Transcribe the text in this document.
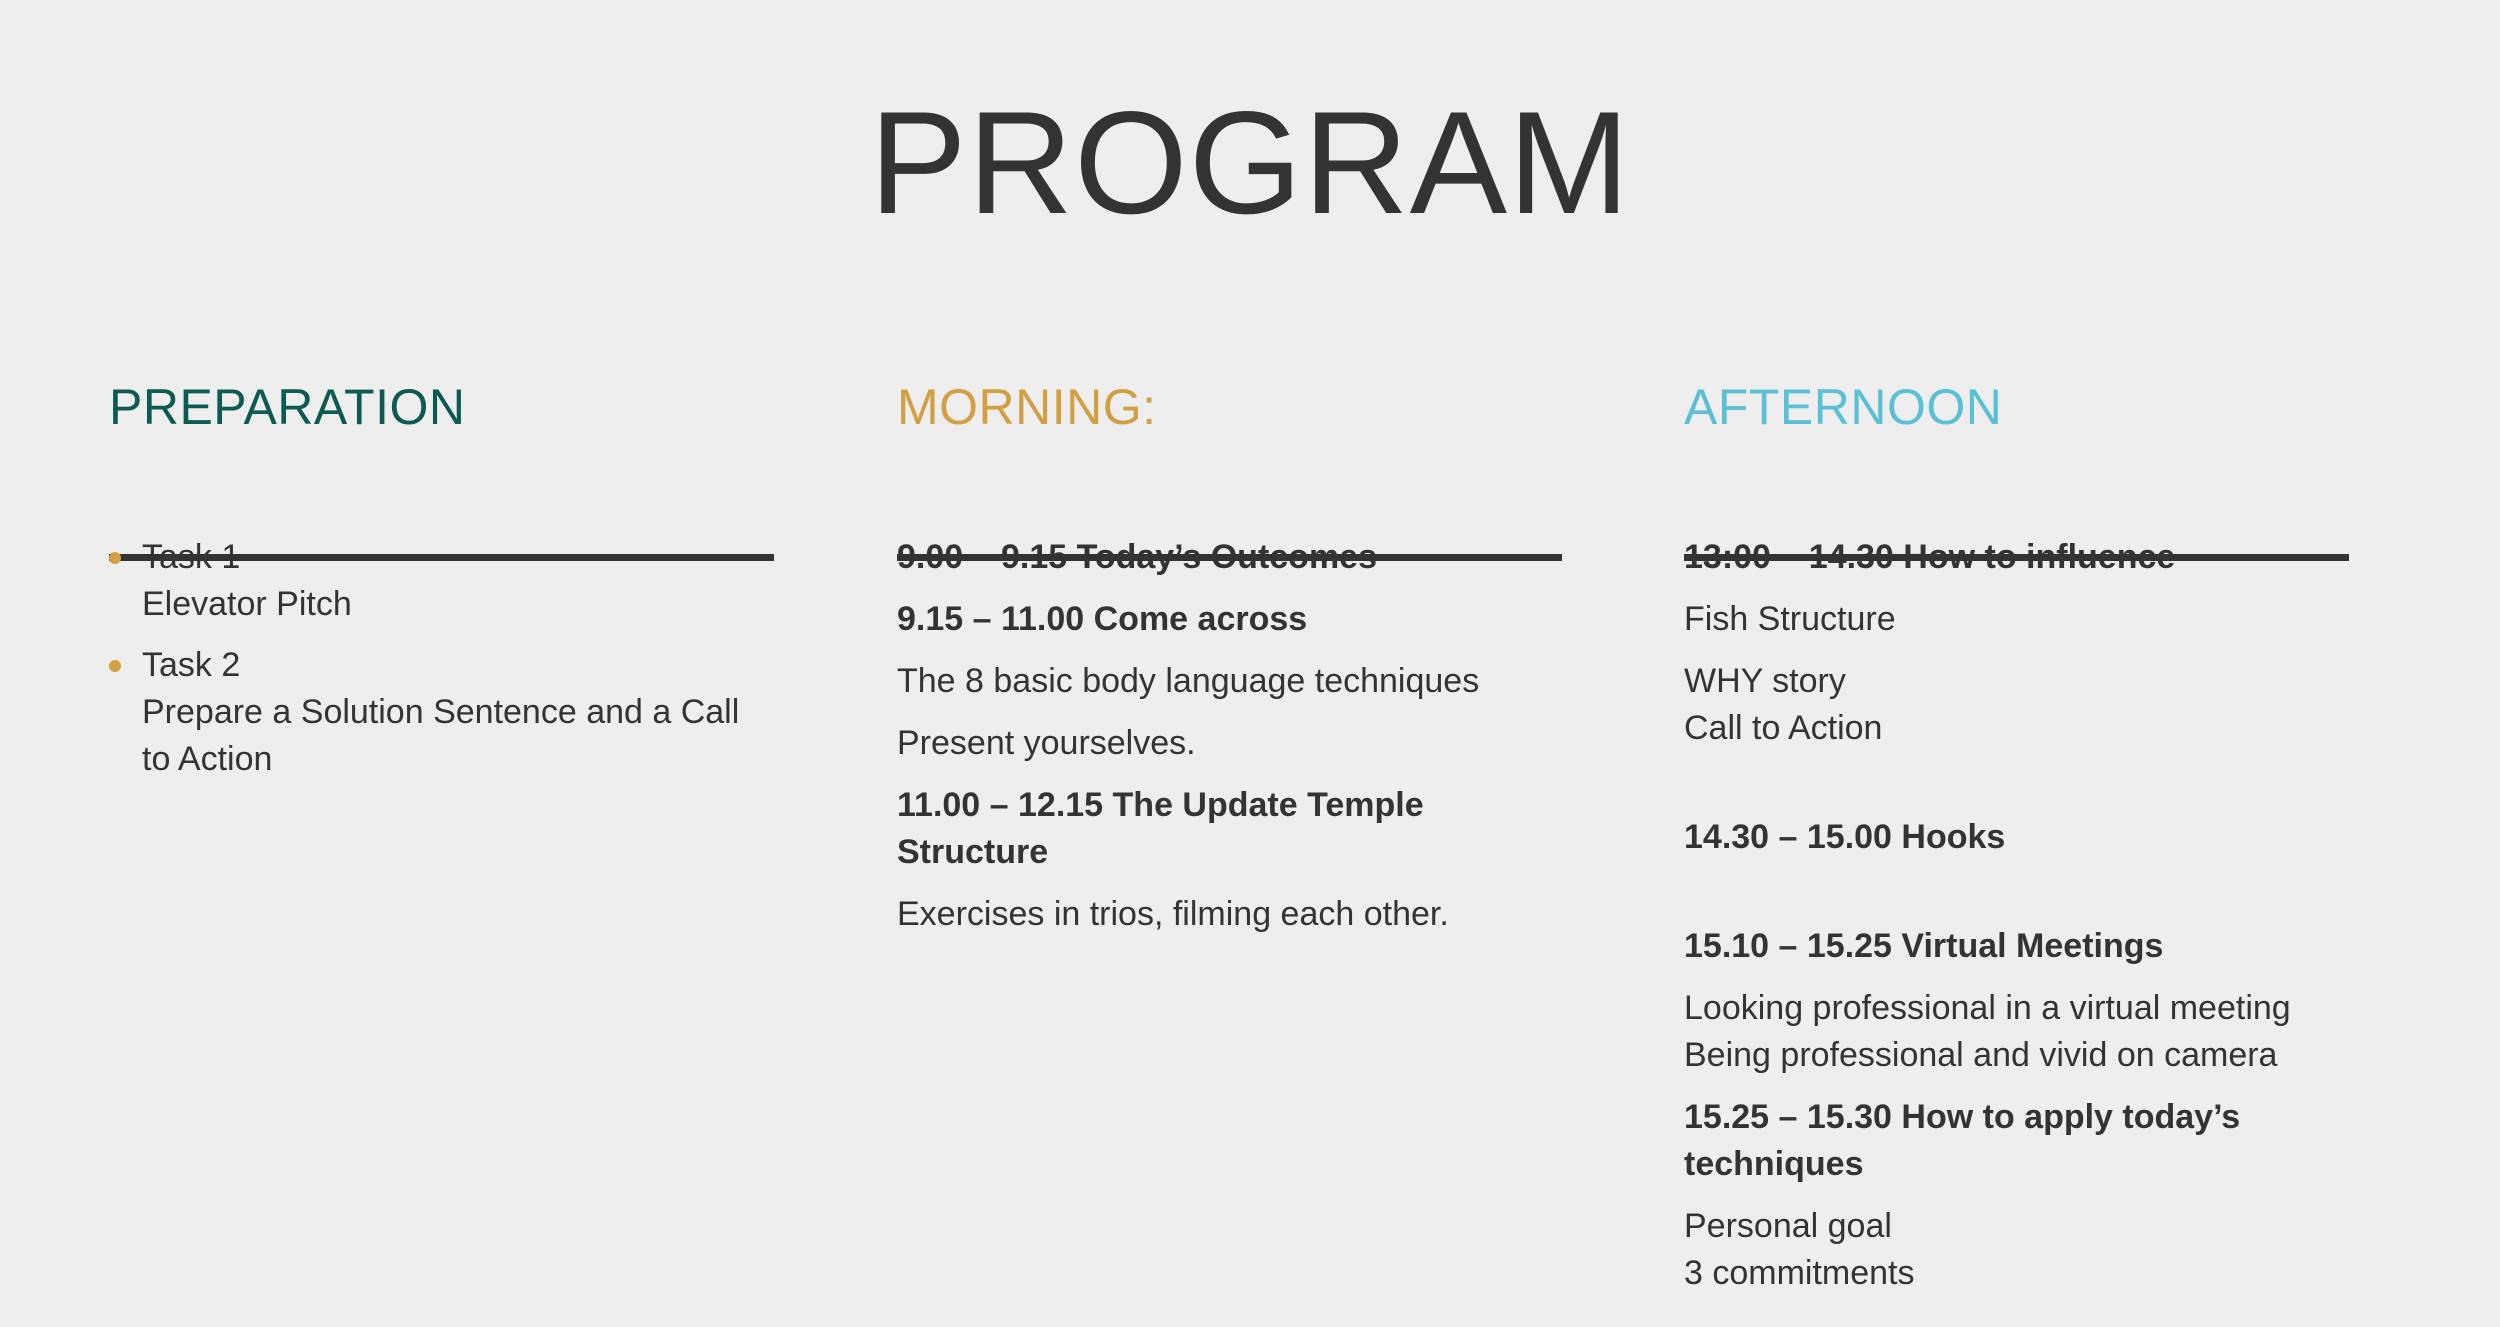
PROGRAM
PREPARATION
Task 1
Elevator Pitch
Task 2
Prepare a Solution Sentence and a Call to Action
MORNING:
9.00 – 9.15 Today’s Outcomes
9.15 – 11.00 Come across
The 8 basic body language techniques
Present yourselves.
11.00 – 12.15 The Update Temple Structure
Exercises in trios, filming each other.
AFTERNOON
13:00 – 14.30 How to influence
Fish Structure
WHY story
Call to Action
14.30 – 15.00 Hooks
15.10 – 15.25 Virtual Meetings
Looking professional in a virtual meeting
Being professional and vivid on camera
15.25 – 15.30 How to apply today’s techniques
Personal goal
3 commitments
